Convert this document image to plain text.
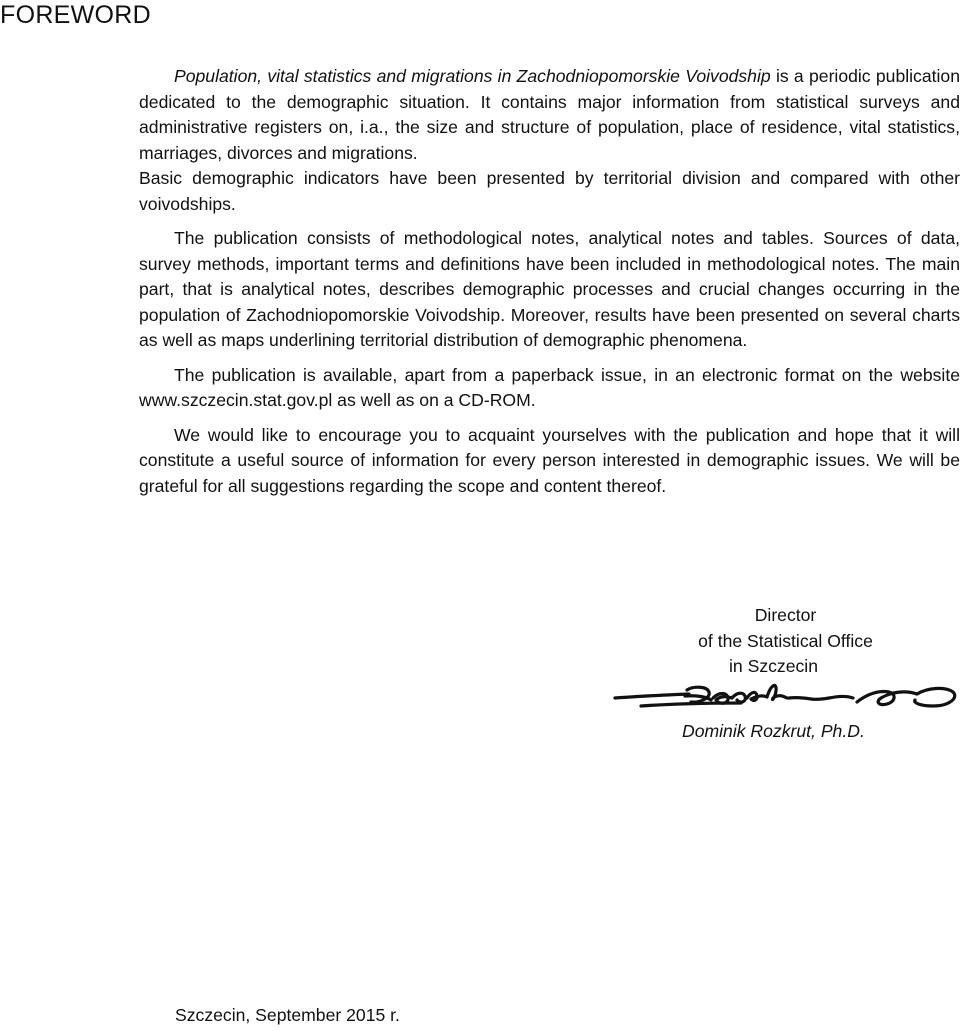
FOREWORD

Population, vital statistics and migrations in Zachodniopomorskie Voivodship is a periodic publication dedicated to the demographic situation. It contains major information from statistical surveys and administrative registers on, i.a., the size and structure of population, place of residence, vital statistics, marriages, divorces and migrations.

Basic demographic indicators have been presented by territorial division and compared with other voivodships.

The publication consists of methodological notes, analytical notes and tables. Sources of data, survey methods, important terms and definitions have been included in methodological notes. The main part, that is analytical notes, describes demographic processes and crucial changes occurring in the population of Zachodniopomorskie Voivodship. Moreover, results have been presented on several charts as well as maps underlining territorial distribution of demographic phenomena.

The publication is available, apart from a paperback issue, in an electronic format on the website www.szczecin.stat.gov.pl as well as on a CD-ROM.

We would like to encourage you to acquaint yourselves with the publication and hope that it will constitute a useful source of information for every person interested in demographic issues. We will be grateful for all suggestions regarding the scope and content thereof.

Director
of the Statistical Office
in Szczecin
Dominik Rozkrut, Ph.D.
Szczecin, September 2015 r.
